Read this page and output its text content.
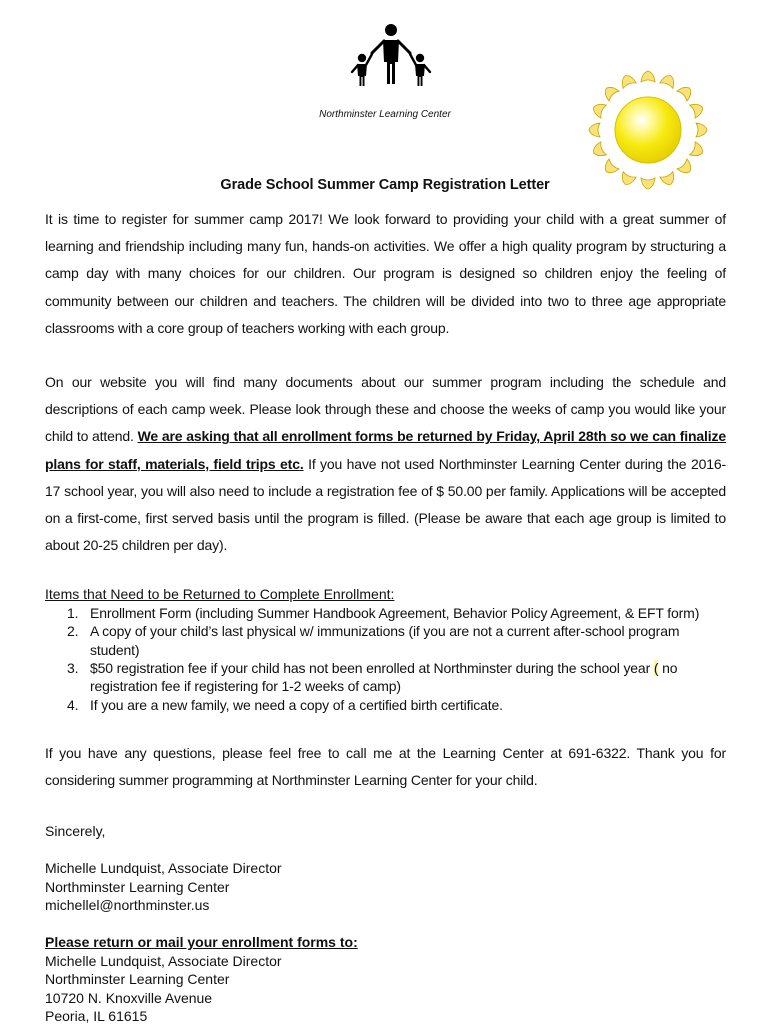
Northminster Learning Center
Grade School Summer Camp Registration Letter

It is time to register for summer camp 2017! We look forward to providing your child with a great summer of learning and friendship including many fun, hands-on activities. We offer a high quality program by structuring a camp day with many choices for our children. Our program is designed so children enjoy the feeling of community between our children and teachers. The children will be divided into two to three age appropriate classrooms with a core group of teachers working with each group.

On our website you will find many documents about our summer program including the schedule and descriptions of each camp week. Please look through these and choose the weeks of camp you would like your child to attend. We are asking that all enrollment forms be returned by Friday, April 28th so we can finalize plans for staff, materials, field trips etc. If you have not used Northminster Learning Center during the 2016-17 school year, you will also need to include a registration fee of $ 50.00 per family. Applications will be accepted on a first-come, first served basis until the program is filled. (Please be aware that each age group is limited to about 20-25 children per day).

Items that Need to be Returned to Complete Enrollment:
1. Enrollment Form (including Summer Handbook Agreement, Behavior Policy Agreement, & EFT form)
2. A copy of your child’s last physical w/ immunizations (if you are not a current after-school program student)
3. $50 registration fee if your child has not been enrolled at Northminster during the school year ( no registration fee if registering for 1-2 weeks of camp)
4. If you are a new family, we need a copy of a certified birth certificate.
If you have any questions, please feel free to call me at the Learning Center at 691-6322. Thank you for considering summer programming at Northminster Learning Center for your child.
Sincerely,
Michelle Lundquist, Associate Director
Northminster Learning Center
michellel@northminster.us
Please return or mail your enrollment forms to:
Michelle Lundquist, Associate Director
Northminster Learning Center
10720 N. Knoxville Avenue
Peoria, IL 61615
